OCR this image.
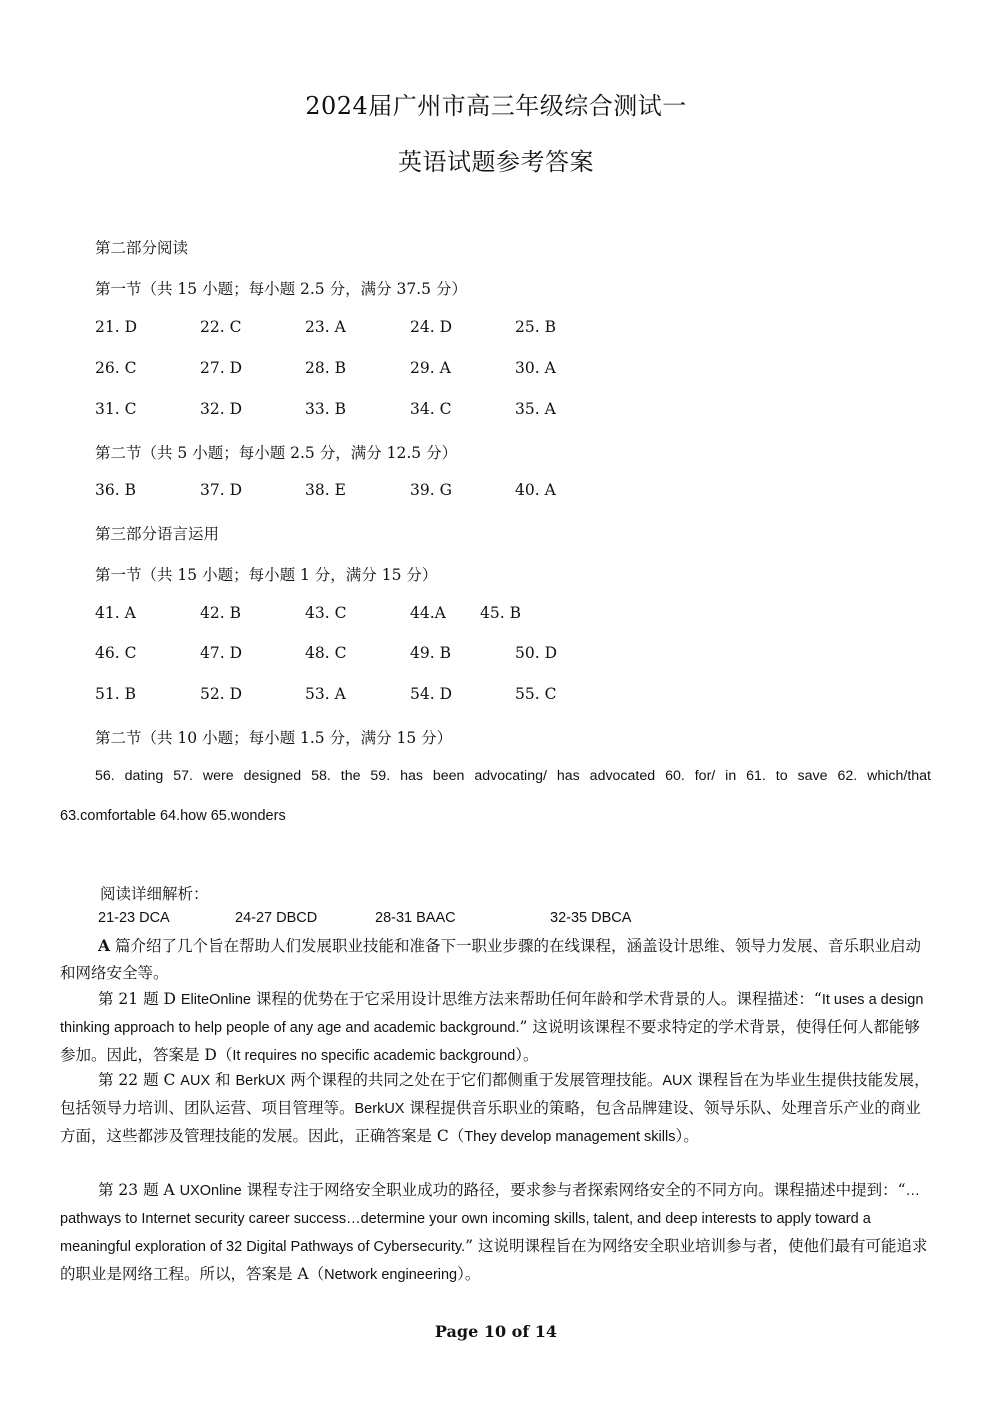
2024届广州市高三年级综合测试一
英语试题参考答案
第二部分阅读
第一节（共 15 小题；每小题 2.5 分，满分 37.5 分）
21. D	22. C	23. A	24. D	25. B
26. C	27. D	28. B	29. A	30. A
31. C	32. D	33. B	34. C	35. A
第二节（共 5 小题；每小题 2.5 分，满分 12.5 分）
36. B	37. D	38. E	39. G	40. A
第三部分语言运用
第一节（共 15 小题；每小题 1 分，满分 15 分）
41. A	42. B	43. C	44.A 45. B
46. C	47. D	48. C	49. B	50. D
51. B	52. D	53. A	54. D	55. C
第二节（共 10 小题；每小题 1.5 分，满分 15 分）
56. dating 57. were designed 58. the 59. has been advocating/ has advocated 60. for/ in 61. to save 62. which/that
63.comfortable 64.how 65.wonders
阅读详细解析：
21-23 DCA	24-27 DBCD	28-31 BAAC	32-35 DBCA
A 篇介绍了几个旨在帮助人们发展职业技能和准备下一职业步骤的在线课程，涵盖设计思维、领导力发展、音乐职业启动和网络安全等。
第 21 题 D EliteOnline 课程的优势在于它采用设计思维方法来帮助任何年龄和学术背景的人。课程描述：“It uses a design thinking approach to help people of any age and academic background.” 这说明该课程不要求特定的学术背景，使得任何人都能够参加。因此，答案是 D（It requires no specific academic background）。
第 22 题 C AUX 和 BerkUX 两个课程的共同之处在于它们都侧重于发展管理技能。AUX 课程旨在为毕业生提供技能发展，包括领导力培训、团队运营、项目管理等。BerkUX 课程提供音乐职业的策略，包含品牌建设、领导乐队、处理音乐产业的商业方面，这些都涉及管理技能的发展。因此，正确答案是 C（They develop management skills）。
第 23 题 A UXOnline 课程专注于网络安全职业成功的路径，要求参与者探索网络安全的不同方向。课程描述中提到：“…pathways to Internet security career success…determine your own incoming skills, talent, and deep interests to apply toward a meaningful exploration of 32 Digital Pathways of Cybersecurity.” 这说明课程旨在为网络安全职业培训参与者，使他们最有可能追求的职业是网络工程。所以，答案是 A（Network engineering）。
Page 10 of 14
